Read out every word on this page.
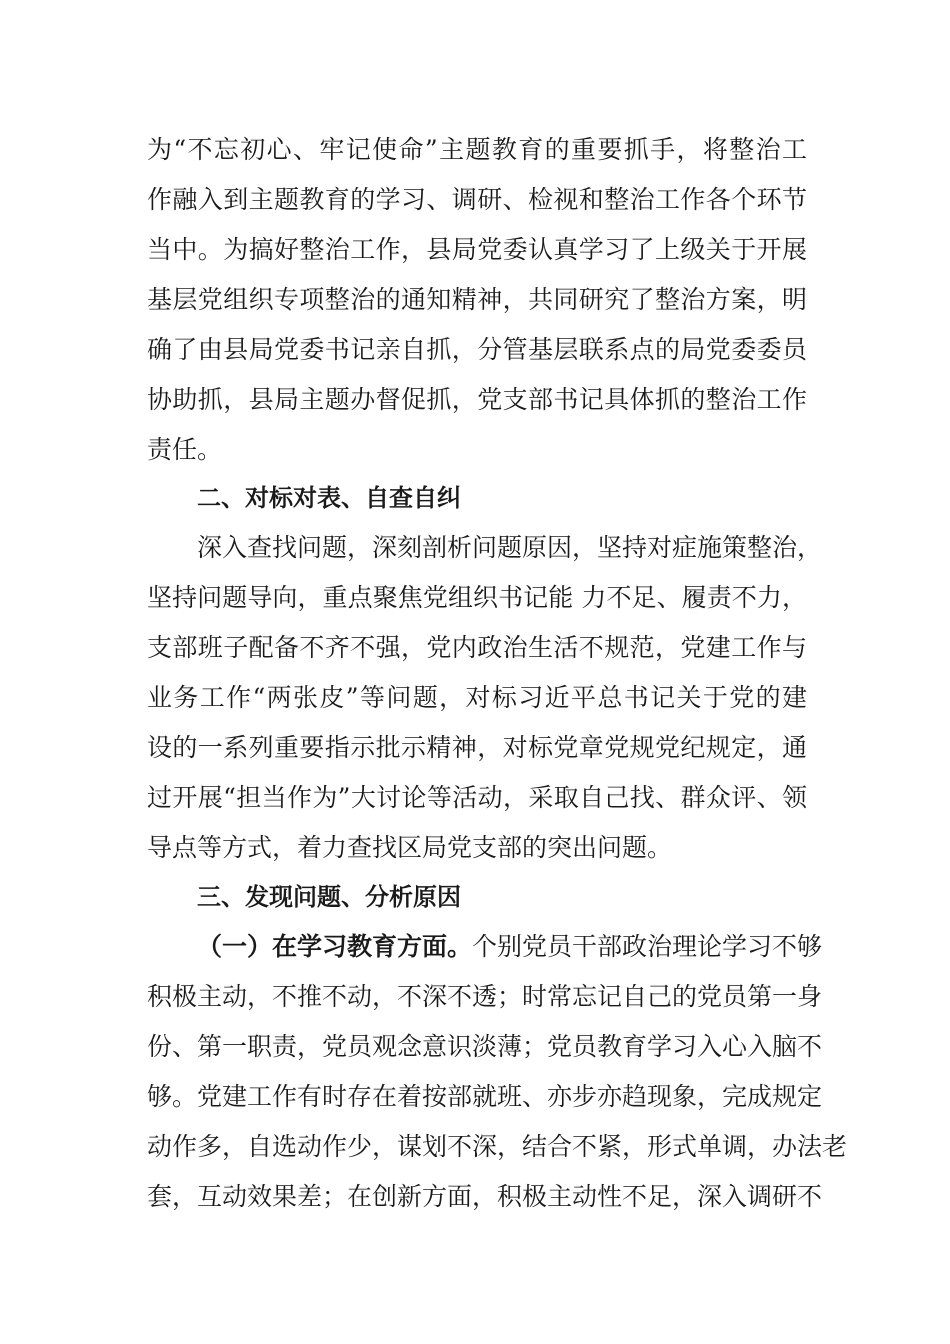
为“不忘初心、牢记使命”主题教育的重要抓手，将整治工
作融入到主题教育的学习、调研、检视和整治工作各个环节
当中。为搞好整治工作，县局党委认真学习了上级关于开展
基层党组织专项整治的通知精神，共同研究了整治方案，明
确了由县局党委书记亲自抓，分管基层联系点的局党委委员
协助抓，县局主题办督促抓，党支部书记具体抓的整治工作
责任。
二、对标对表、自查自纠
深入查找问题，深刻剖析问题原因，坚持对症施策整治，
坚持问题导向，重点聚焦党组织书记能 力不足、履责不力，
支部班子配备不齐不强，党内政治生活不规范，党建工作与
业务工作“两张皮”等问题，对标习近平总书记关于党的建
设的一系列重要指示批示精神，对标党章党规党纪规定，通
过开展“担当作为”大讨论等活动，采取自己找、群众评、领
导点等方式，着力查找区局党支部的突出问题。
三、发现问题、分析原因
（一）在学习教育方面。个别党员干部政治理论学习不够
积极主动，不推不动，不深不透；时常忘记自己的党员第一身
份、第一职责，党员观念意识淡薄；党员教育学习入心入脑不
够。党建工作有时存在着按部就班、亦步亦趋现象，完成规定
动作多，自选动作少，谋划不深，结合不紧，形式单调，办法老
套，互动效果差；在创新方面，积极主动性不足，深入调研不
